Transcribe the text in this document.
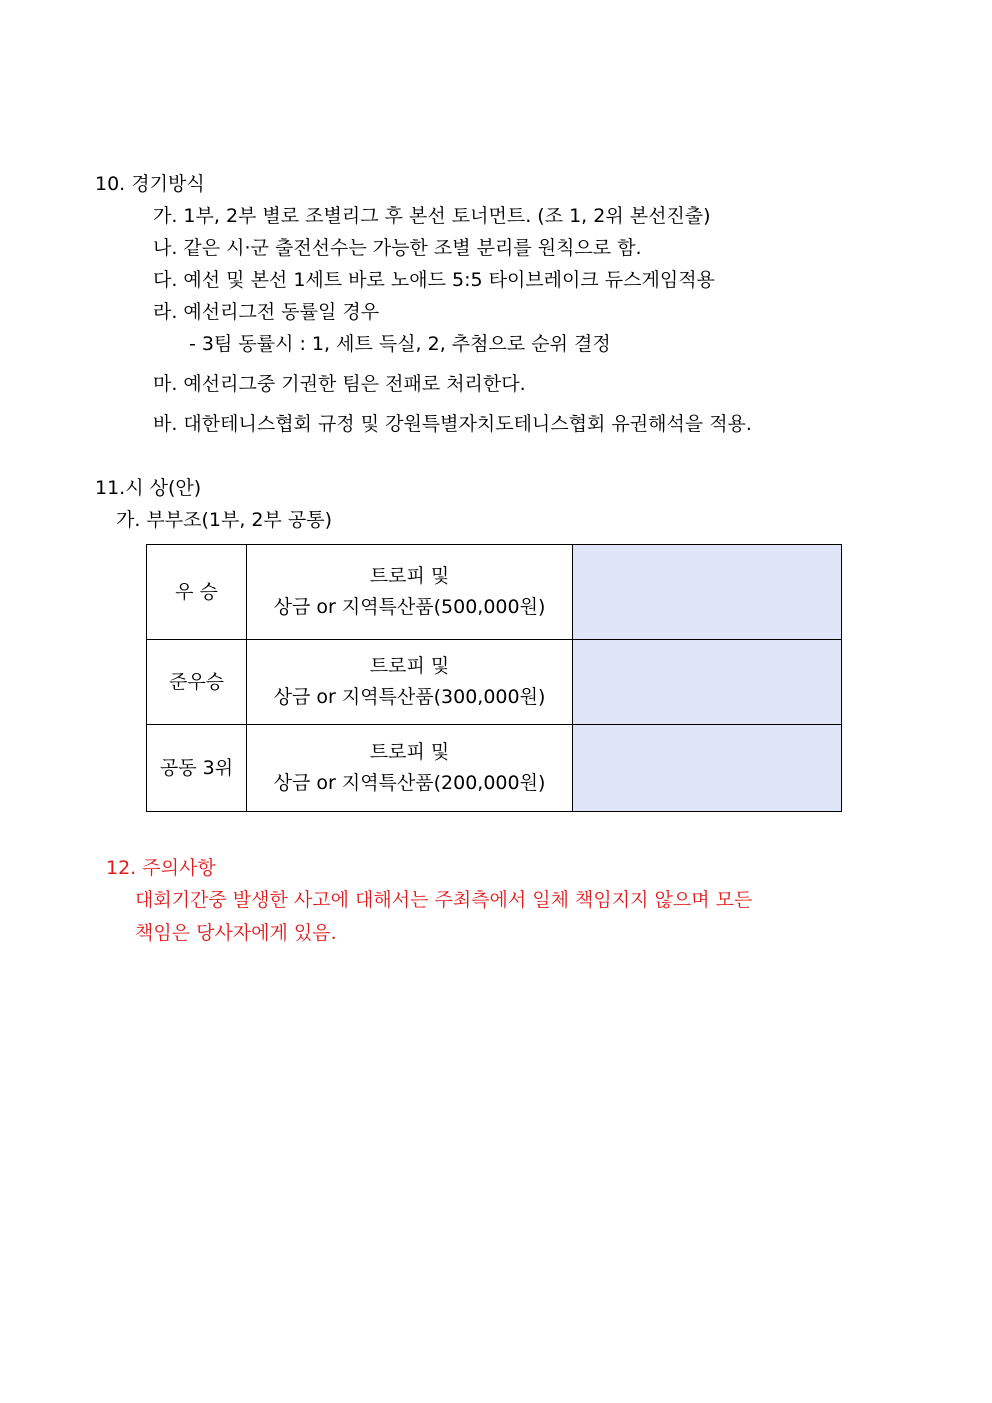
10. 경기방식
가. 1부, 2부 별로 조별리그 후 본선 토너먼트. (조 1, 2위 본선진출)
나. 같은 시·군 출전선수는 가능한 조별 분리를 원칙으로 함.
다. 예선 및 본선 1세트 바로 노애드 5:5 타이브레이크 듀스게임적용
라. 예선리그전 동률일 경우
- 3팀 동률시 : 1, 세트 득실, 2, 추첨으로 순위 결정
마. 예선리그중 기권한 팀은 전패로 처리한다.
바. 대한테니스협회 규정 및 강원특별자치도테니스협회 유권해석을 적용.
11.시 상(안)
가. 부부조(1부, 2부 공통)
우 승	트로피 및
상금 or 지역특산품(500,000원)	

준우승	트로피 및
상금 or 지역특산품(300,000원)	

공동 3위	트로피 및
상금 or 지역특산품(200,000원)	

12. 주의사항
대회기간중 발생한 사고에 대해서는 주최측에서 일체 책임지지 않으며 모든
책임은 당사자에게 있음.
